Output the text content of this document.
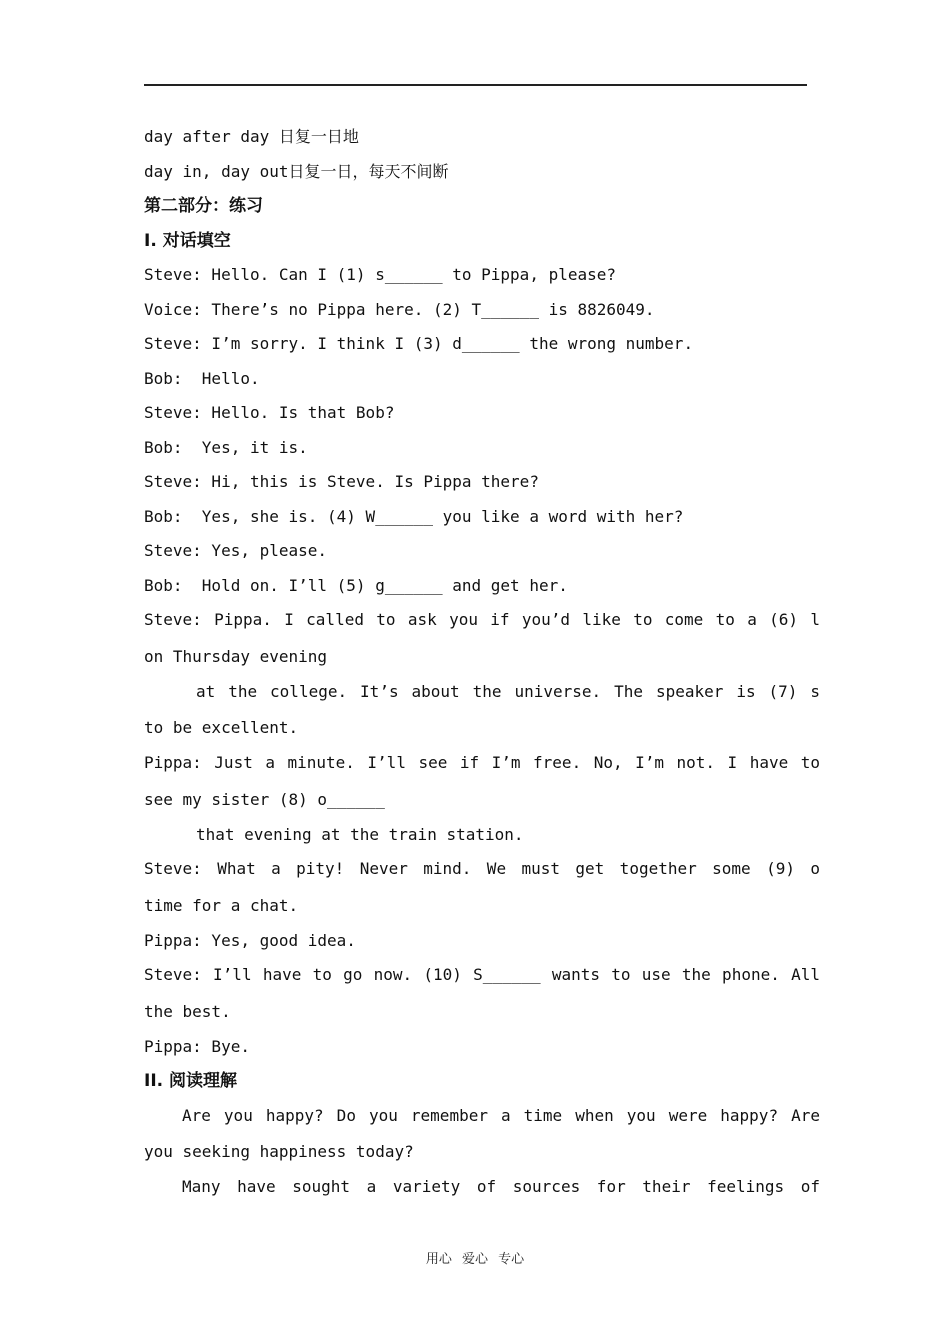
day after day 日复一日地
day in, day out日复一日，每天不间断
第二部分：练习
I. 对话填空
Steve: Hello. Can I (1) s______ to Pippa, please?
Voice: There’s no Pippa here. (2) T______ is 8826049.
Steve: I’m sorry. I think I (3) d______ the wrong number.
Bob:  Hello.
Steve: Hello. Is that Bob?
Bob:  Yes, it is.
Steve: Hi, this is Steve. Is Pippa there?
Bob:  Yes, she is. (4) W______ you like a word with her?
Steve: Yes, please.
Bob:  Hold on. I’ll (5) g______ and get her.
Steve: Pippa. I called to ask you if you’d like to come to a (6) l
on Thursday evening
at the college. It’s about the universe. The speaker is (7) s
to be excellent.
Pippa: Just a minute. I’ll see if I’m free. No, I’m not. I have to
see my sister (8) o______
that evening at the train station.
Steve: What a pity! Never mind. We must get together some (9) o
time for a chat.
Pippa: Yes, good idea.
Steve: I’ll have to go now. (10) S______ wants to use the phone. All
the best.
Pippa: Bye.
II. 阅读理解
Are you happy? Do you remember a time when you were happy? Are
you seeking happiness today?
Many have sought a variety of sources for their feelings of
用心 爱心 专心
